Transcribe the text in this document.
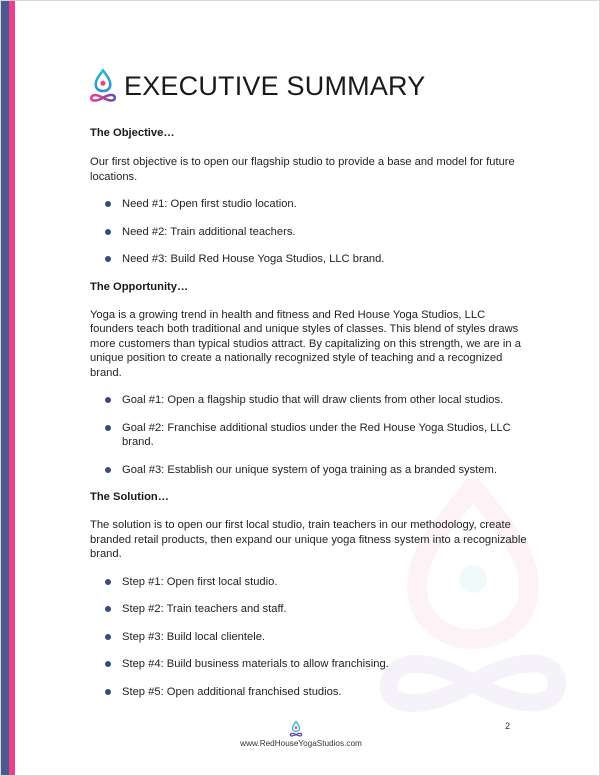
EXECUTIVE SUMMARY
The Objective…

Our first objective is to open our flagship studio to provide a base and model for future locations.

Need #1: Open first studio location.
Need #2: Train additional teachers.
Need #3: Build Red House Yoga Studios, LLC brand.
The Opportunity…

Yoga is a growing trend in health and fitness and Red House Yoga Studios, LLC founders teach both traditional and unique styles of classes. This blend of styles draws more customers than typical studios attract. By capitalizing on this strength, we are in a unique position to create a nationally recognized style of teaching and a recognized brand.

Goal #1: Open a flagship studio that will draw clients from other local studios.
Goal #2: Franchise additional studios under the Red House Yoga Studios, LLC brand.
Goal #3: Establish our unique system of yoga training as a branded system.
The Solution…

The solution is to open our first local studio, train teachers in our methodology, create branded retail products, then expand our unique yoga fitness system into a recognizable brand.

Step #1: Open first local studio.
Step #2: Train teachers and staff.
Step #3: Build local clientele.
Step #4: Build business materials to allow franchising.
Step #5: Open additional franchised studios.
www.RedHouseYogaStudios.com
2
